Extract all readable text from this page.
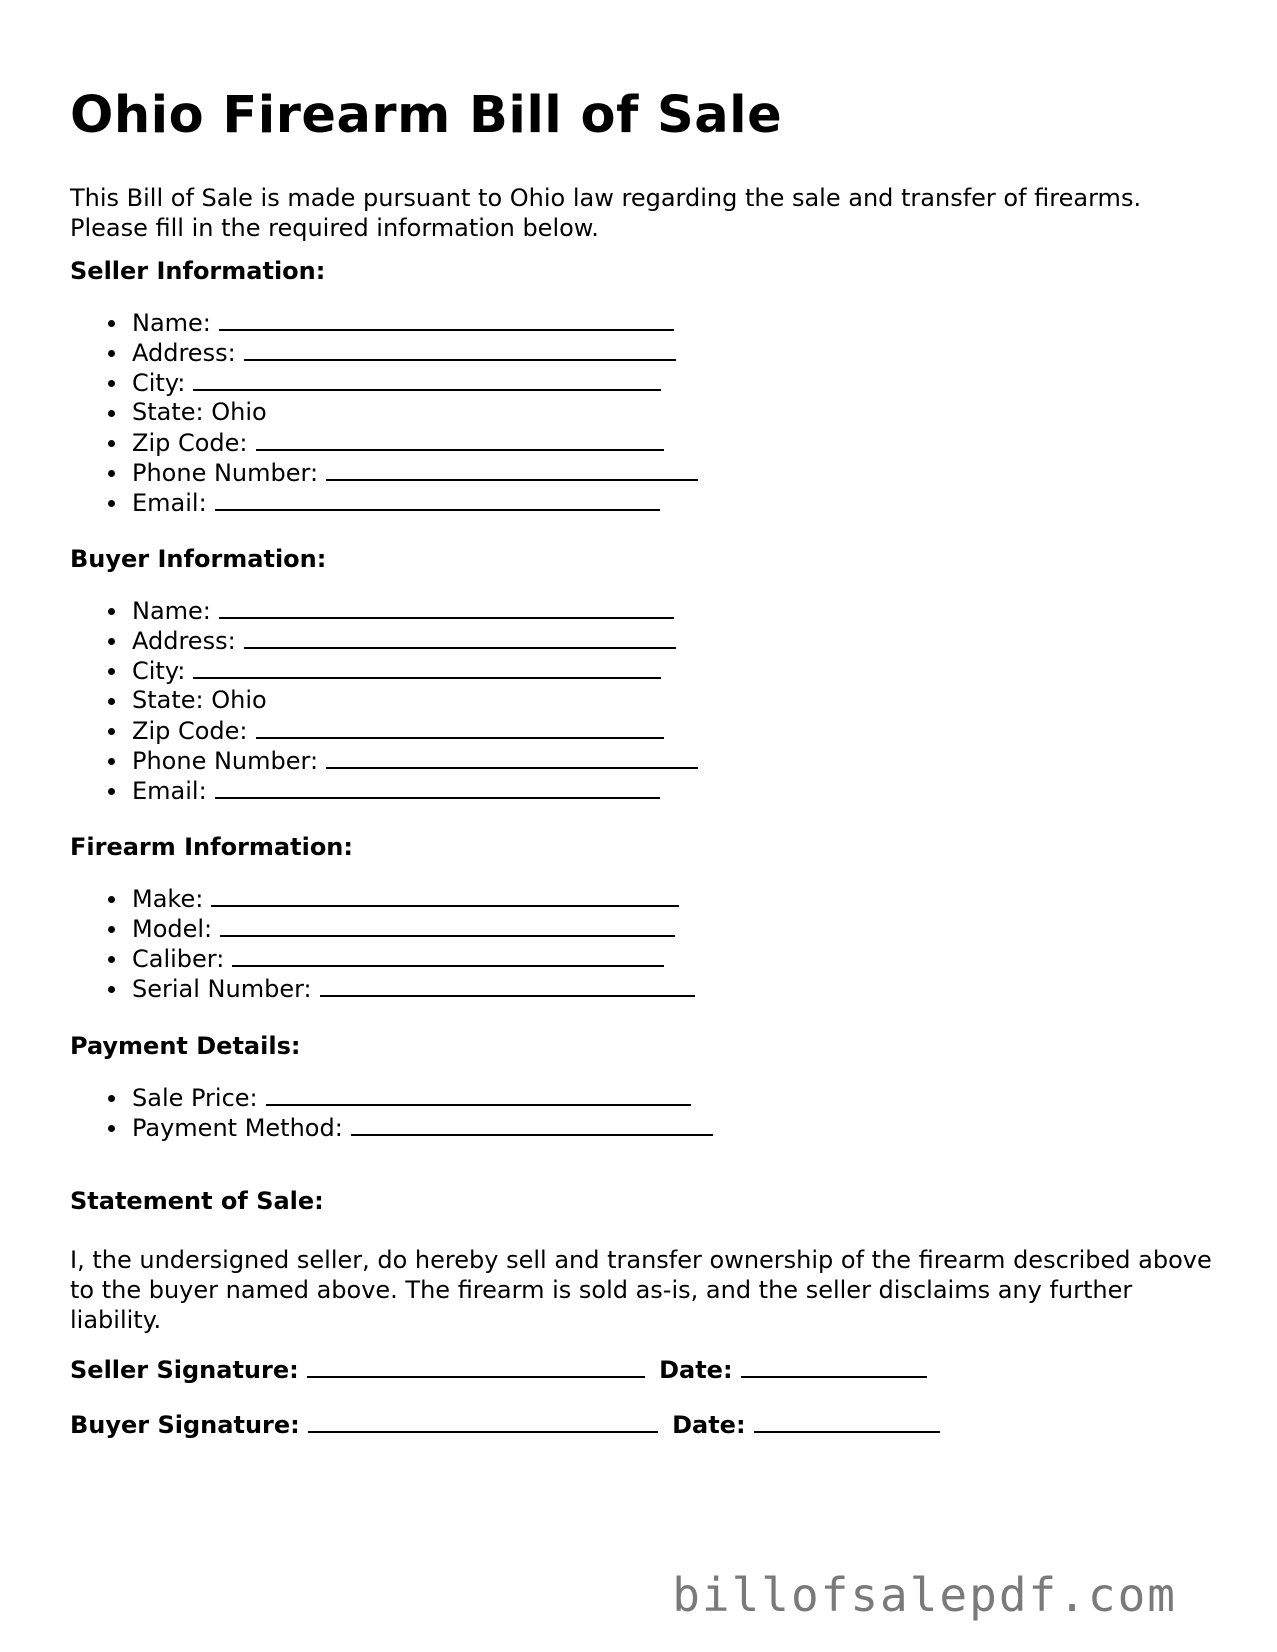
Ohio Firearm Bill of Sale
This Bill of Sale is made pursuant to Ohio law regarding the sale and transfer of firearms. Please fill in the required information below.
Seller Information:
Name:
Address:
City:
State: Ohio
Zip Code:
Phone Number:
Email:
Buyer Information:
Name:
Address:
City:
State: Ohio
Zip Code:
Phone Number:
Email:
Firearm Information:
Make:
Model:
Caliber:
Serial Number:
Payment Details:
Sale Price:
Payment Method:
Statement of Sale:
I, the undersigned seller, do hereby sell and transfer ownership of the firearm described above to the buyer named above. The firearm is sold as-is, and the seller disclaims any further liability.
Seller Signature:	Date:
Buyer Signature:	Date:
billofsalepdf.com
